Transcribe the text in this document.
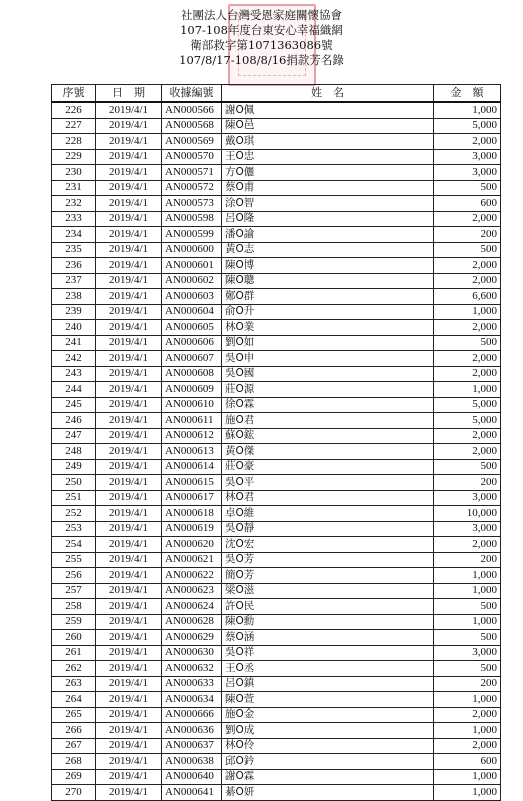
社團法人台灣受恩家庭關懷協會
107-108年度台東安心幸福織網
衛部救字第1071363086號
107/8/17-108/8/16捐款芳名錄
序號	日　期	收據編號	姓　名	金　額
226	2019/4/1	AN000566	謝O佩	1,000
227	2019/4/1	AN000568	陳O邑	5,000
228	2019/4/1	AN000569	戴O琪	2,000
229	2019/4/1	AN000570	王O忠	3,000
230	2019/4/1	AN000571	方O儷	3,000
231	2019/4/1	AN000572	蔡O甫	500
232	2019/4/1	AN000573	涂O智	600
233	2019/4/1	AN000598	呂O隆	2,000
234	2019/4/1	AN000599	潘O諭	200
235	2019/4/1	AN000600	黃O志	500
236	2019/4/1	AN000601	陳O博	2,000
237	2019/4/1	AN000602	陳O聰	2,000
238	2019/4/1	AN000603	鄭O群	6,600
239	2019/4/1	AN000604	俞O升	1,000
240	2019/4/1	AN000605	林O業	2,000
241	2019/4/1	AN000606	劉O如	500
242	2019/4/1	AN000607	吳O申	2,000
243	2019/4/1	AN000608	吳O國	2,000
244	2019/4/1	AN000609	莊O源	1,000
245	2019/4/1	AN000610	徐O霖	5,000
246	2019/4/1	AN000611	施O君	5,000
247	2019/4/1	AN000612	蘇O鋐	2,000
248	2019/4/1	AN000613	黃O傑	2,000
249	2019/4/1	AN000614	莊O豪	500
250	2019/4/1	AN000615	吳O平	200
251	2019/4/1	AN000617	林O君	3,000
252	2019/4/1	AN000618	卓O維	10,000
253	2019/4/1	AN000619	吳O靜	3,000
254	2019/4/1	AN000620	沈O宏	2,000
255	2019/4/1	AN000621	吳O芳	200
256	2019/4/1	AN000622	簡O芳	1,000
257	2019/4/1	AN000623	梁O滋	1,000
258	2019/4/1	AN000624	許O民	500
259	2019/4/1	AN000628	陳O勳	1,000
260	2019/4/1	AN000629	蔡O涵	500
261	2019/4/1	AN000630	吳O祥	3,000
262	2019/4/1	AN000632	王O丞	500
263	2019/4/1	AN000633	呂O鎮	200
264	2019/4/1	AN000634	陳O萱	1,000
265	2019/4/1	AN000666	施O金	2,000
266	2019/4/1	AN000636	劉O成	1,000
267	2019/4/1	AN000637	林O伶	2,000
268	2019/4/1	AN000638	邱O鈐	600
269	2019/4/1	AN000640	謝O霖	1,000
270	2019/4/1	AN000641	綦O妍	1,000
